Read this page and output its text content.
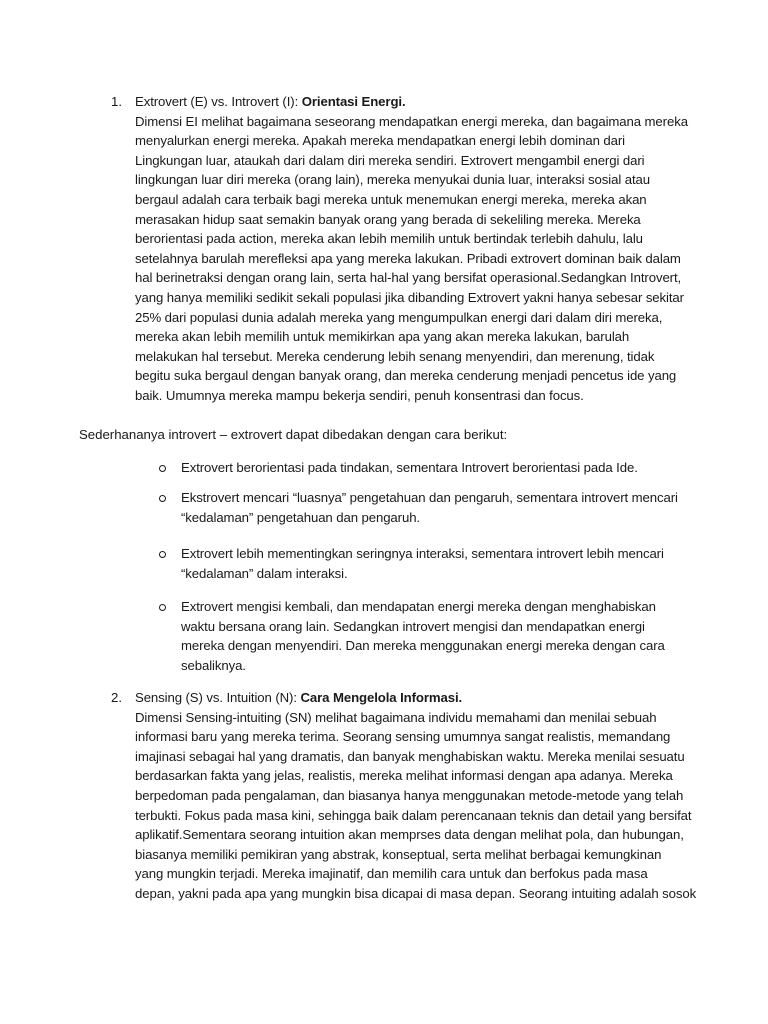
1. Extrovert (E) vs. Introvert (I): Orientasi Energi.
Dimensi EI melihat bagaimana seseorang mendapatkan energi mereka, dan bagaimana mereka
menyalurkan energi mereka. Apakah mereka mendapatkan energi lebih dominan dari
Lingkungan luar, ataukah dari dalam diri mereka sendiri. Extrovert mengambil energi dari
lingkungan luar diri mereka (orang lain), mereka menyukai dunia luar, interaksi sosial atau
bergaul adalah cara terbaik bagi mereka untuk menemukan energi mereka, mereka akan
merasakan hidup saat semakin banyak orang yang berada di sekeliling mereka. Mereka
berorientasi pada action, mereka akan lebih memilih untuk bertindak terlebih dahulu, lalu
setelahnya barulah merefleksi apa yang mereka lakukan. Pribadi extrovert dominan baik dalam
hal berinetraksi dengan orang lain, serta hal-hal yang bersifat operasional.Sedangkan Introvert,
yang hanya memiliki sedikit sekali populasi jika dibanding Extrovert yakni hanya sebesar sekitar
25% dari populasi dunia adalah mereka yang mengumpulkan energi dari dalam diri mereka,
mereka akan lebih memilih untuk memikirkan apa yang akan mereka lakukan, barulah
melakukan hal tersebut. Mereka cenderung lebih senang menyendiri, dan merenung, tidak
begitu suka bergaul dengan banyak orang, dan mereka cenderung menjadi pencetus ide yang
baik. Umumnya mereka mampu bekerja sendiri, penuh konsentrasi dan focus.
Sederhananya introvert – extrovert dapat dibedakan dengan cara berikut:
Extrovert berorientasi pada tindakan, sementara Introvert berorientasi pada Ide.
Ekstrovert mencari “luasnya” pengetahuan dan pengaruh, sementara introvert mencari
“kedalaman” pengetahuan dan pengaruh.
Extrovert lebih mementingkan seringnya interaksi, sementara introvert lebih mencari
“kedalaman” dalam interaksi.
Extrovert mengisi kembali, dan mendapatan energi mereka dengan menghabiskan
waktu bersana orang lain. Sedangkan introvert mengisi dan mendapatkan energi
mereka dengan menyendiri. Dan mereka menggunakan energi mereka dengan cara
sebaliknya.
2. Sensing (S) vs. Intuition (N): Cara Mengelola Informasi.
Dimensi Sensing-intuiting (SN) melihat bagaimana individu memahami dan menilai sebuah
informasi baru yang mereka terima. Seorang sensing umumnya sangat realistis, memandang
imajinasi sebagai hal yang dramatis, dan banyak menghabiskan waktu. Mereka menilai sesuatu
berdasarkan fakta yang jelas, realistis, mereka melihat informasi dengan apa adanya. Mereka
berpedoman pada pengalaman, dan biasanya hanya menggunakan metode-metode yang telah
terbukti. Fokus pada masa kini, sehingga baik dalam perencanaan teknis dan detail yang bersifat
aplikatif.Sementara seorang intuition akan memprses data dengan melihat pola, dan hubungan,
biasanya memiliki pemikiran yang abstrak, konseptual, serta melihat berbagai kemungkinan
yang mungkin terjadi. Mereka imajinatif, dan memilih cara untuk dan berfokus pada masa
depan, yakni pada apa yang mungkin bisa dicapai di masa depan. Seorang intuiting adalah sosok
